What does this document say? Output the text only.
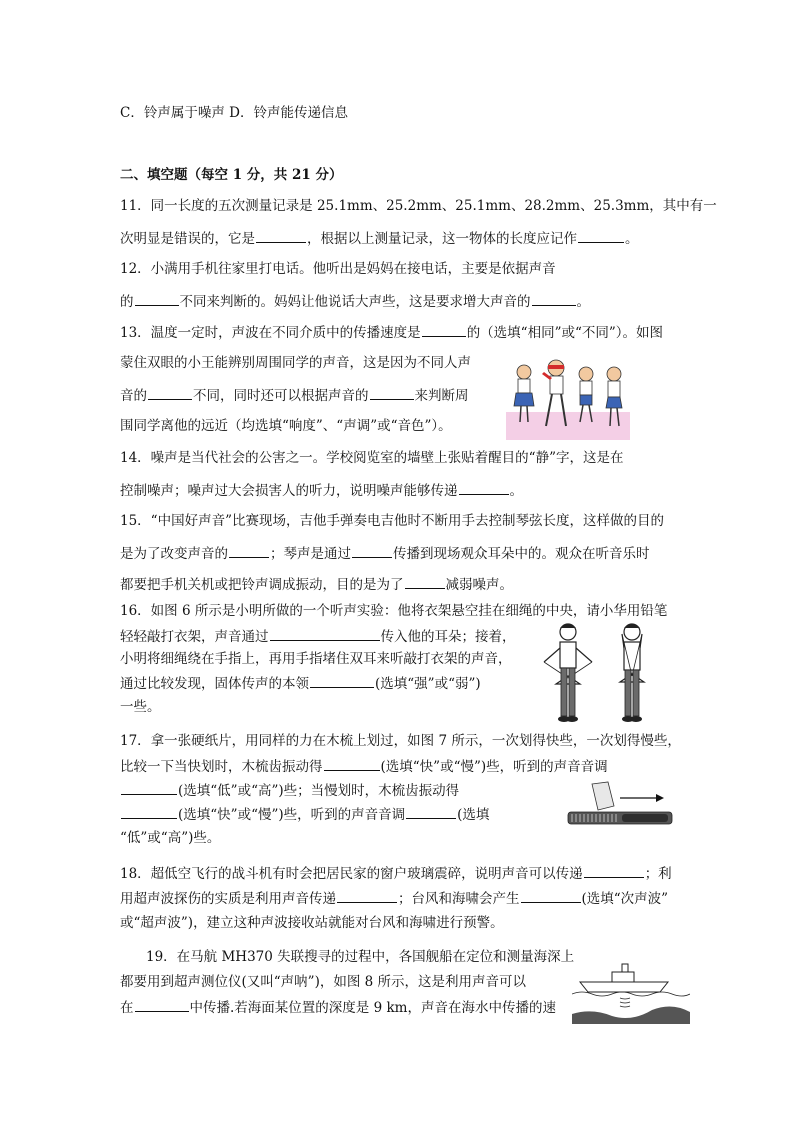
C．铃声属于噪声 D．铃声能传递信息
二、填空题（每空 1 分，共 21 分）
11．同一长度的五次测量记录是 25.1mm、25.2mm、25.1mm、28.2mm、25.3mm，其中有一
次明显是错误的，它是	，根据以上测量记录，这一物体的长度应记作	。
12．小满用手机往家里打电话。他听出是妈妈在接电话，主要是依据声音
的	不同来判断的。妈妈让他说话大声些，这是要求增大声音的	。
13．温度一定时，声波在不同介质中的传播速度是	的（选填“相同”或“不同”）。如图
蒙住双眼的小王能辨别周围同学的声音，这是因为不同人声
音的	不同，同时还可以根据声音的	来判断周
围同学离他的远近（均选填“响度”、“声调”或“音色”）。
14．噪声是当代社会的公害之一。学校阅览室的墙壁上张贴着醒目的“静”字，这是在
控制噪声；噪声过大会损害人的听力，说明噪声能够传递	。
15．“中国好声音”比赛现场，吉他手弹奏电吉他时不断用手去控制琴弦长度，这样做的目的
是为了改变声音的	；琴声是通过	传播到现场观众耳朵中的。观众在听音乐时
都要把手机关机或把铃声调成振动，目的是为了	减弱噪声。
16．如图 6 所示是小明所做的一个听声实验：他将衣架悬空挂在细绳的中央，请小华用铅笔
轻轻敲打衣架，声音通过	传入他的耳朵；接着，
小明将细绳绕在手指上，再用手指堵住双耳来听敲打衣架的声音，
通过比较发现，固体传声的本领	(选填“强”或“弱”)
一些。
17．拿一张硬纸片，用同样的力在木梳上划过，如图 7 所示，一次划得快些，一次划得慢些，
比较一下当快划时，木梳齿振动得	(选填“快”或“慢”)些，听到的声音音调
(选填“低”或“高”)些；当慢划时，木梳齿振动得
(选填“快”或“慢”)些，听到的声音音调	(选填
“低”或“高”)些。
18．超低空飞行的战斗机有时会把居民家的窗户玻璃震碎，说明声音可以传递	；利
用超声波探伤的实质是利用声音传递	；台风和海啸会产生	(选填“次声波”
或“超声波”)，建立这种声波接收站就能对台风和海啸进行预警。
19．在马航 MH370 失联搜寻的过程中，各国舰船在定位和测量海深上
都要用到超声测位仪(又叫“声呐”)，如图 8 所示，这是利用声音可以
在	中传播.若海面某位置的深度是 9 km，声音在海水中传播的速
